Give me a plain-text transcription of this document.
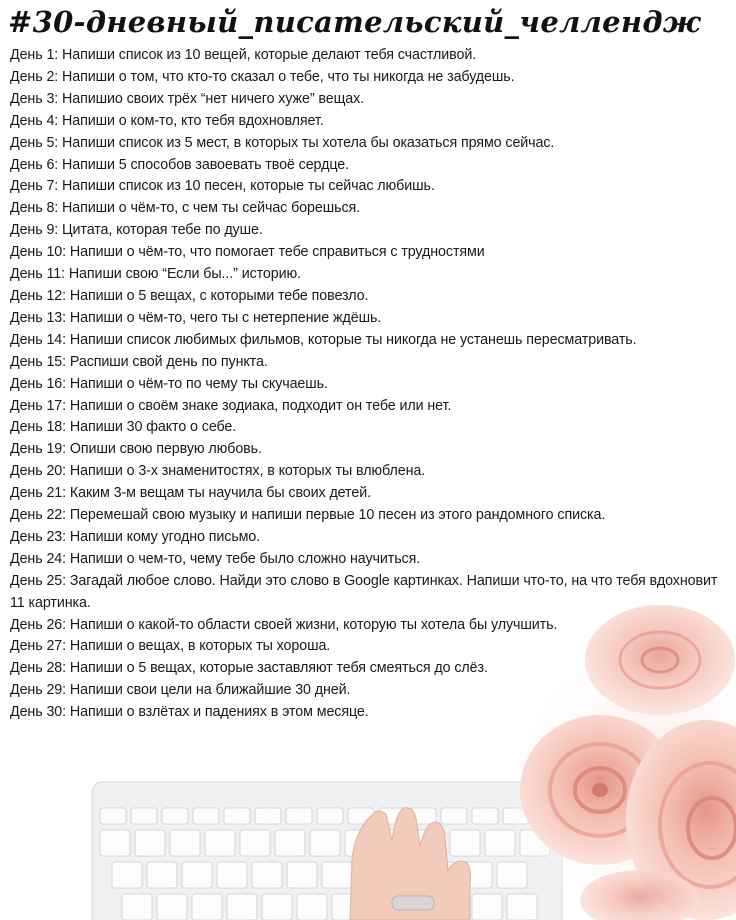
#30-дневный_писательский_челлендж
День 1: Напиши список из 10 вещей, которые делают тебя счастливой.
День 2: Напиши о том, что кто-то сказал о тебе, что ты никогда не забудешь.
День 3: Напишио своих трёх “нет ничего хуже” вещах.
День 4: Напиши о ком-то, кто тебя вдохновляет.
День 5: Напиши список из 5 мест, в которых ты хотела бы оказаться прямо сейчас.
День 6: Напиши 5 способов завоевать твоё сердце.
День 7: Напиши список из 10 песен, которые ты сейчас любишь.
День 8: Напиши о чём-то, с чем ты сейчас борешься.
День 9: Цитата, которая тебе по душе.
День 10: Напиши о чём-то, что помогает тебе справиться с трудностями
День 11: Напиши свою “Если бы...” историю.
День 12: Напиши о 5 вещах, с которыми тебе повезло.
День 13: Напиши о чём-то, чего ты с нетерпение ждёшь.
День 14: Напиши список любимых фильмов, которые ты никогда не устанешь пересматривать.
День 15: Распиши свой день по пункта.
День 16: Напиши о чём-то по чему ты скучаешь.
День 17: Напиши о своём знаке зодиака, подходит он тебе или нет.
День 18: Напиши 30 факто о себе.
День 19: Опиши свою первую любовь.
День 20: Напиши о 3-х знаменитостях, в которых ты влюблена.
День 21: Каким 3-м вещам ты научила бы своих детей.
День 22: Перемешай свою музыку и напиши первые 10 песен из этого рандомного списка.
День 23: Напиши кому угодно письмо.
День 24: Напиши о чем-то, чему тебе было сложно научиться.
День 25: Загадай любое слово. Найди это слово в Google картинках. Напиши что-то, на что тебя вдохновит 11 картинка.
День 26: Напиши о какой-то области своей жизни, которую ты хотела бы улучшить.
День 27: Напиши о вещах, в которых ты хороша.
День 28: Напиши о 5 вещах, которые заставляют тебя смеяться до слёз.
День 29: Напиши свои цели на ближайшие 30 дней.
День 30: Напиши о взлётах и падениях в этом месяце.
